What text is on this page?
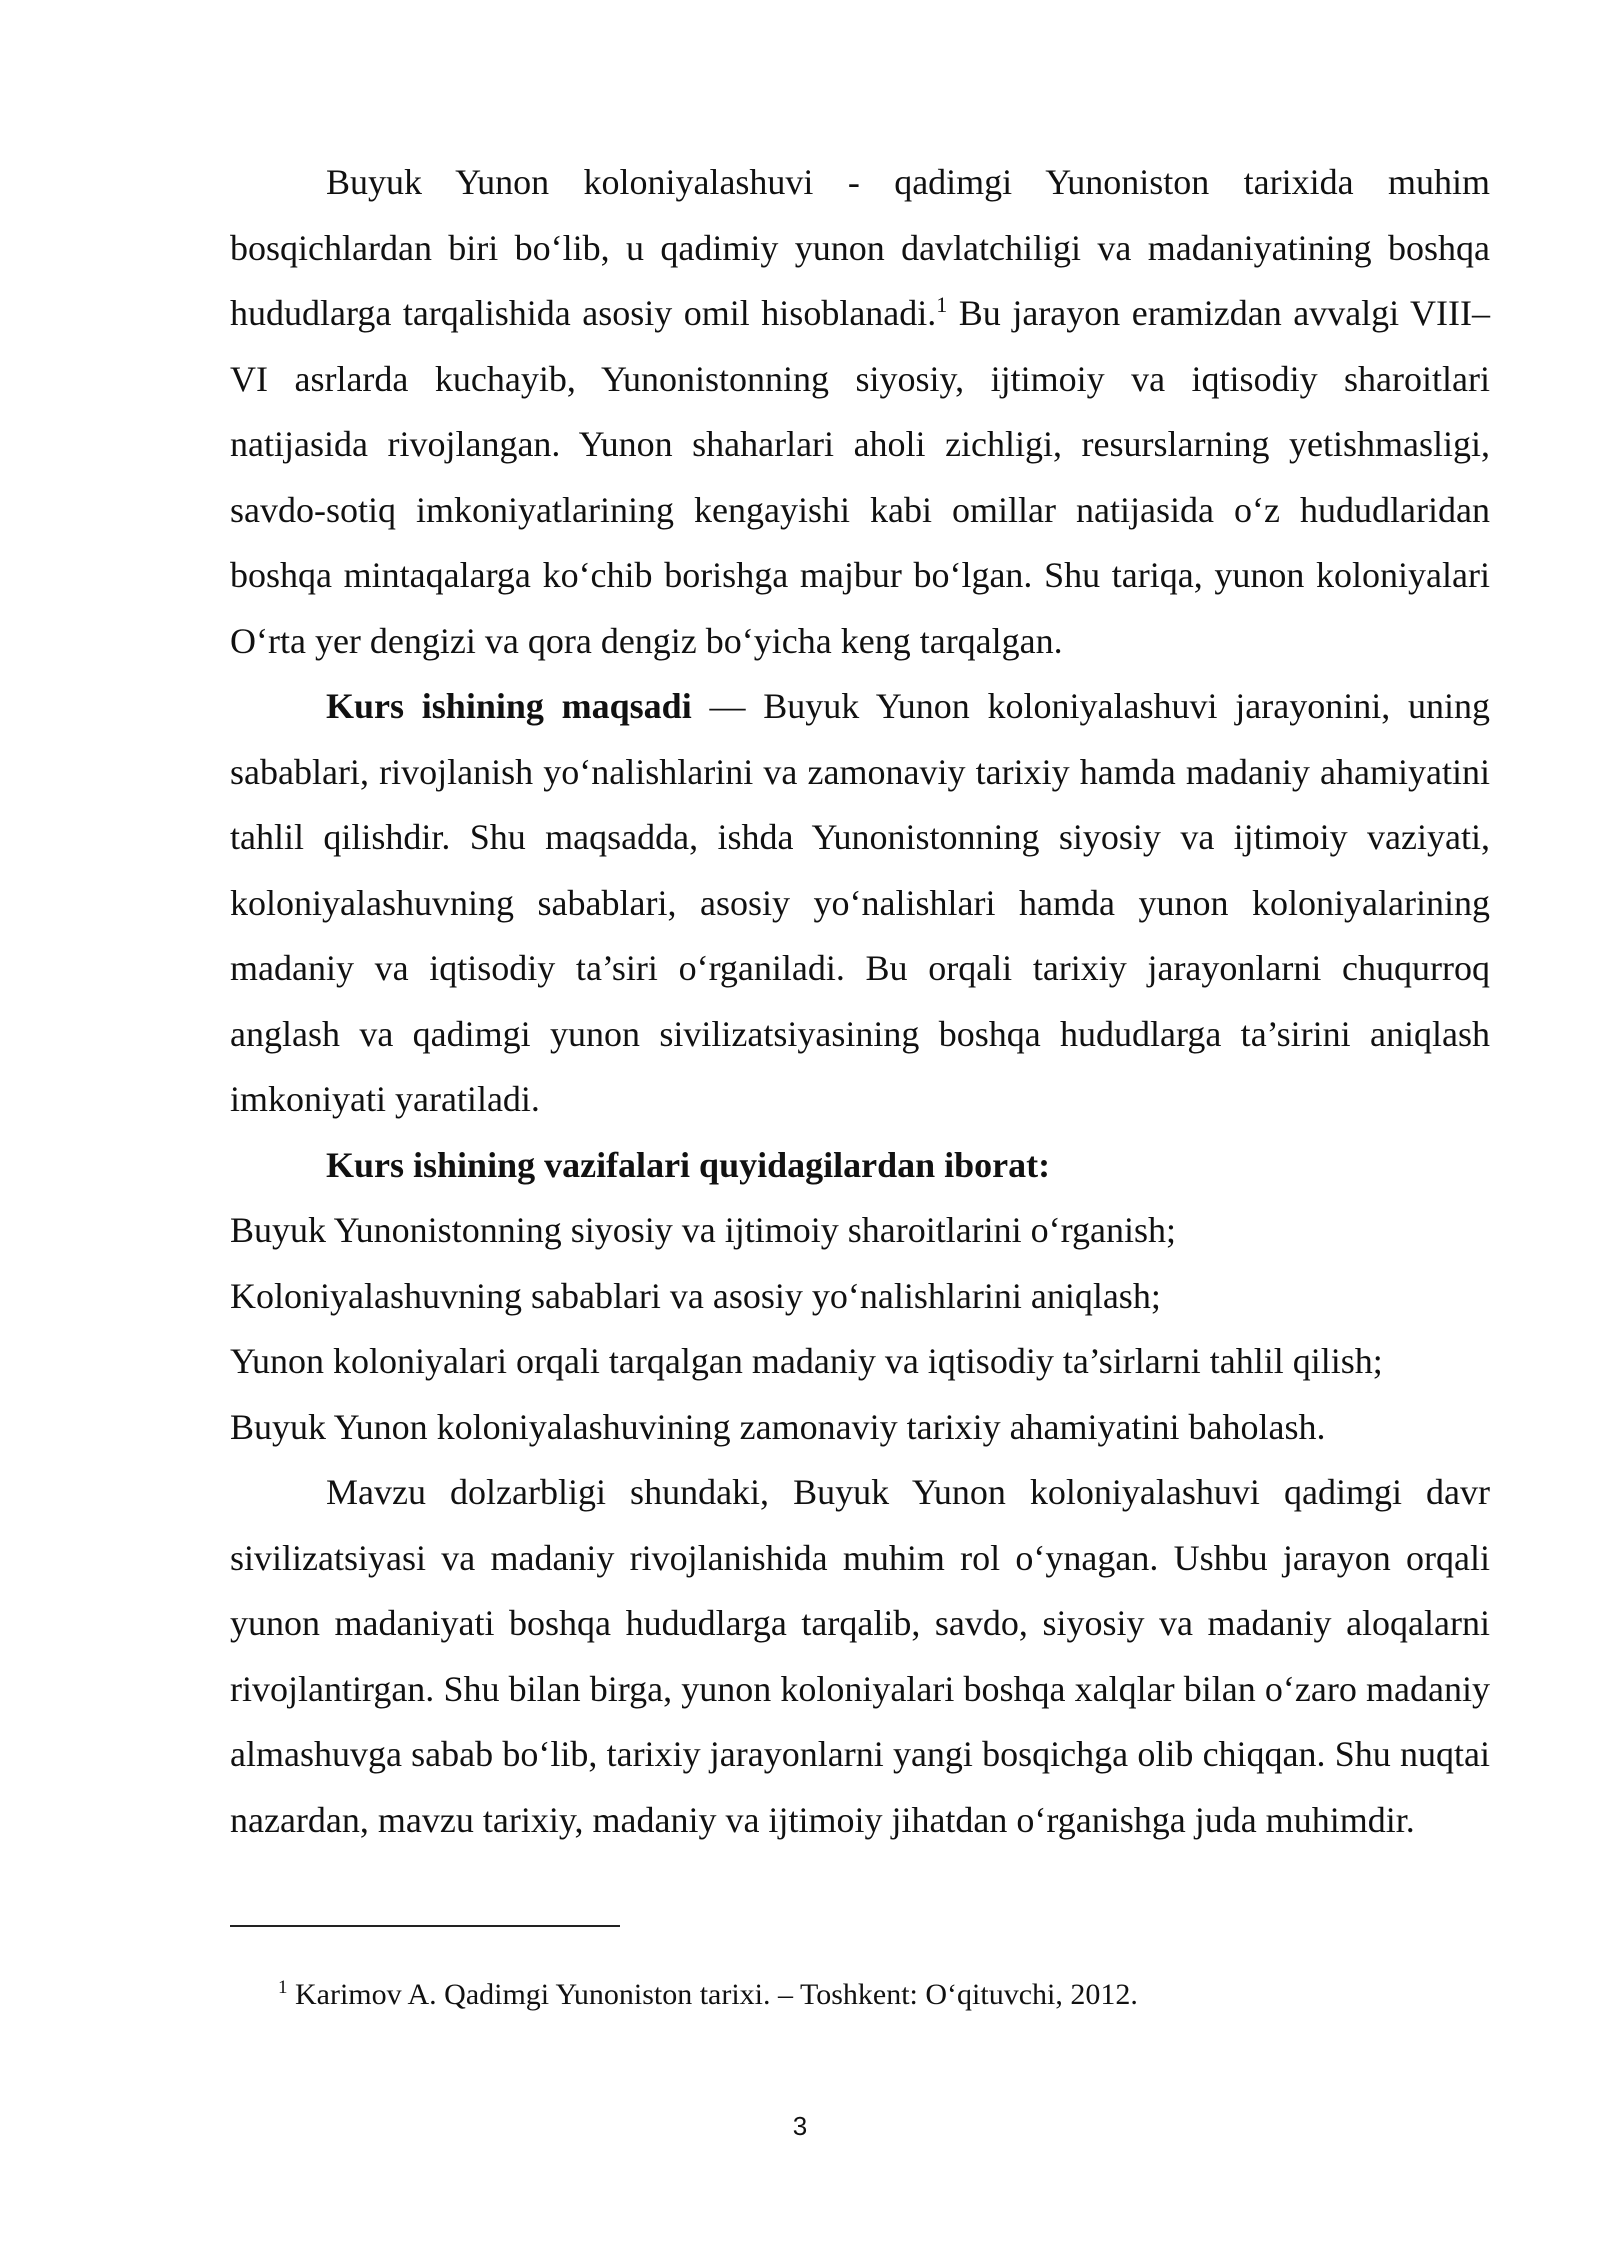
Buyuk Yunon koloniyalashuvi - qadimgi Yunoniston tarixida muhim bosqichlardan biri bo‘lib, u qadimiy yunon davlatchiligi va madaniyatining boshqa hududlarga tarqalishida asosiy omil hisoblanadi.$^1$ Bu jarayon eramizdan avvalgi VIII–VI asrlarda kuchayib, Yunonistonning siyosiy, ijtimoiy va iqtisodiy sharoitlari natijasida rivojlangan. Yunon shaharlari aholi zichligi, resurslarning yetishmasligi, savdo-sotiq imkoniyatlarining kengayishi kabi omillar natijasida o‘z hududlaridan boshqa mintaqalarga ko‘chib borishga majbur bo‘lgan. Shu tariqa, yunon koloniyalari O‘rta yer dengizi va qora dengiz bo‘yicha keng tarqalgan.

Kurs ishining maqsadi — Buyuk Yunon koloniyalashuvi jarayonini, uning sabablari, rivojlanish yo‘nalishlarini va zamonaviy tarixiy hamda madaniy ahamiyatini tahlil qilishdir. Shu maqsadda, ishda Yunonistonning siyosiy va ijtimoiy vaziyati, koloniyalashuvning sabablari, asosiy yo‘nalishlari hamda yunon koloniyalarining madaniy va iqtisodiy ta’siri o‘rganiladi. Bu orqali tarixiy jarayonlarni chuqurroq anglash va qadimgi yunon sivilizatsiyasining boshqa hududlarga ta’sirini aniqlash imkoniyati yaratiladi.

Kurs ishining vazifalari quyidagilardan iborat:

Buyuk Yunonistonning siyosiy va ijtimoiy sharoitlarini o‘rganish;
Koloniyalashuvning sabablari va asosiy yo‘nalishlarini aniqlash;
Yunon koloniyalari orqali tarqalgan madaniy va iqtisodiy ta’sirlarni tahlil qilish;
Buyuk Yunon koloniyalashuvining zamonaviy tarixiy ahamiyatini baholash.

Mavzu dolzarbligi shundaki, Buyuk Yunon koloniyalashuvi qadimgi davr sivilizatsiyasi va madaniy rivojlanishida muhim rol o‘ynagan. Ushbu jarayon orqali yunon madaniyati boshqa hududlarga tarqalib, savdo, siyosiy va madaniy aloqalarni rivojlantirgan. Shu bilan birga, yunon koloniyalari boshqa xalqlar bilan o‘zaro madaniy almashuvga sabab bo‘lib, tarixiy jarayonlarni yangi bosqichga olib chiqqan. Shu nuqtai nazardan, mavzu tarixiy, madaniy va ijtimoiy jihatdan o‘rganishga juda muhimdir.

$^1$ Karimov A. Qadimgi Yunoniston tarixi. – Toshkent: O‘qituvchi, 2012.
3
